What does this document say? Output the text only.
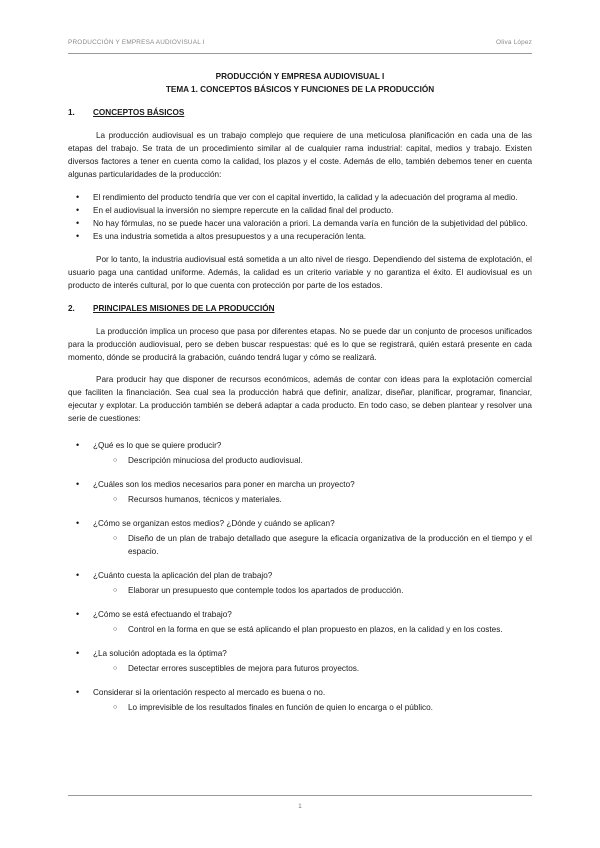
PRODUCCIÓN Y EMPRESA AUDIOVISUAL I	Oliva López
PRODUCCIÓN Y EMPRESA AUDIOVISUAL I
TEMA 1. CONCEPTOS BÁSICOS Y FUNCIONES DE LA PRODUCCIÓN
1. CONCEPTOS BÁSICOS

La producción audiovisual es un trabajo complejo que requiere de una meticulosa planificación en cada una de las etapas del trabajo. Se trata de un procedimiento similar al de cualquier rama industrial: capital, medios y trabajo. Existen diversos factores a tener en cuenta como la calidad, los plazos y el coste. Además de ello, también debemos tener en cuenta algunas particularidades de la producción:

• El rendimiento del producto tendría que ver con el capital invertido, la calidad y la adecuación del programa al medio.
• En el audiovisual la inversión no siempre repercute en la calidad final del producto.
• No hay fórmulas, no se puede hacer una valoración a priori. La demanda varía en función de la subjetividad del público.
• Es una industria sometida a altos presupuestos y a una recuperación lenta.

Por lo tanto, la industria audiovisual está sometida a un alto nivel de riesgo. Dependiendo del sistema de explotación, el usuario paga una cantidad uniforme. Además, la calidad es un criterio variable y no garantiza el éxito. El audiovisual es un producto de interés cultural, por lo que cuenta con protección por parte de los estados.

2. PRINCIPALES MISIONES DE LA PRODUCCIÓN

La producción implica un proceso que pasa por diferentes etapas. No se puede dar un conjunto de procesos unificados para la producción audiovisual, pero se deben buscar respuestas: qué es lo que se registrará, quién estará presente en cada momento, dónde se producirá la grabación, cuándo tendrá lugar y cómo se realizará.

Para producir hay que disponer de recursos económicos, además de contar con ideas para la explotación comercial que faciliten la financiación. Sea cual sea la producción habrá que definir, analizar, diseñar, planificar, programar, financiar, ejecutar y explotar. La producción también se deberá adaptar a cada producto. En todo caso, se deben plantear y resolver una serie de cuestiones:

• ¿Qué es lo que se quiere producir?
○ Descripción minuciosa del producto audiovisual.
• ¿Cuáles son los medios necesarios para poner en marcha un proyecto?
○ Recursos humanos, técnicos y materiales.
• ¿Cómo se organizan estos medios? ¿Dónde y cuándo se aplican?
○ Diseño de un plan de trabajo detallado que asegure la eficacia organizativa de la producción en el tiempo y el espacio.
• ¿Cuánto cuesta la aplicación del plan de trabajo?
○ Elaborar un presupuesto que contemple todos los apartados de producción.
• ¿Cómo se está efectuando el trabajo?
○ Control en la forma en que se está aplicando el plan propuesto en plazos, en la calidad y en los costes.
• ¿La solución adoptada es la óptima?
○ Detectar errores susceptibles de mejora para futuros proyectos.
• Considerar si la orientación respecto al mercado es buena o no.
○ Lo imprevisible de los resultados finales en función de quien lo encarga o el público.
1
